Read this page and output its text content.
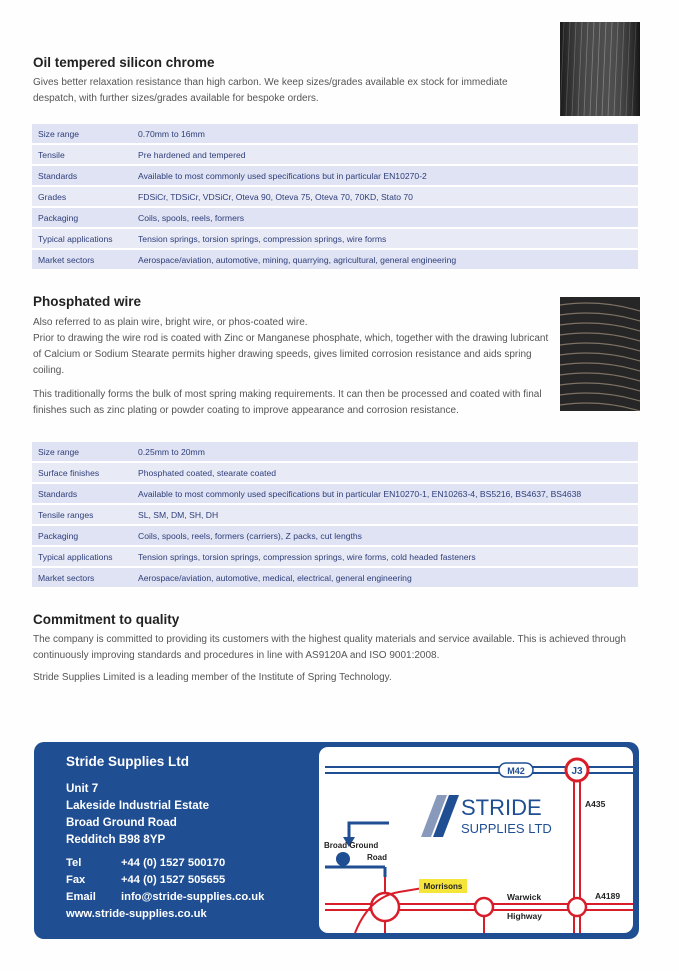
Oil tempered silicon chrome

Gives better relaxation resistance than high carbon. We keep sizes/grades available ex stock for immediate despatch, with further sizes/grades available for bespoke orders.

Size range	0.70mm to 16mm
Tensile	Pre hardened and tempered
Standards	Available to most commonly used specifications but in particular EN10270-2
Grades	FDSiCr, TDSiCr, VDSiCr, Oteva 90, Oteva 75, Oteva 70, 70KD, Stato 70
Packaging	Coils, spools, reels, formers
Typical applications	Tension springs, torsion springs, compression springs, wire forms
Market sectors	Aerospace/aviation, automotive, mining, quarrying, agricultural, general engineering
Phosphated wire

Also referred to as plain wire, bright wire, or phos-coated wire.

Prior to drawing the wire rod is coated with Zinc or Manganese phosphate, which, together with the drawing lubricant of Calcium or Sodium Stearate permits higher drawing speeds, gives limited corrosion resistance and aids spring coiling.

This traditionally forms the bulk of most spring making requirements. It can then be processed and coated with final finishes such as zinc plating or powder coating to improve appearance and corrosion resistance.

Size range	0.25mm to 20mm
Surface finishes	Phosphated coated, stearate coated
Standards	Available to most commonly used specifications but in particular EN10270-1, EN10263-4, BS5216, BS4637, BS4638
Tensile ranges	SL, SM, DM, SH, DH
Packaging	Coils, spools, reels, formers (carriers), Z packs, cut lengths
Typical applications	Tension springs, torsion springs, compression springs, wire forms, cold headed fasteners
Market sectors	Aerospace/aviation, automotive, medical, electrical, general engineering
Commitment to quality

The company is committed to providing its customers with the highest quality materials and service available. This is achieved through continuously improving standards and procedures in line with AS9120A and ISO 9001:2008.

Stride Supplies Limited is a leading member of the Institute of Spring Technology.

Stride Supplies Ltd
Unit 7
Lakeside Industrial Estate
Broad Ground Road
Redditch B98 8YP
Tel	+44 (0) 1527 500170
Fax	+44 (0) 1527 505655
Email info@stride-supplies.co.uk
www.stride-supplies.co.uk
M42	J3
A435
A4189
Broad Ground
Road
Morrisons
Warwick
Highway
STRIDE
SUPPLIES LTD
